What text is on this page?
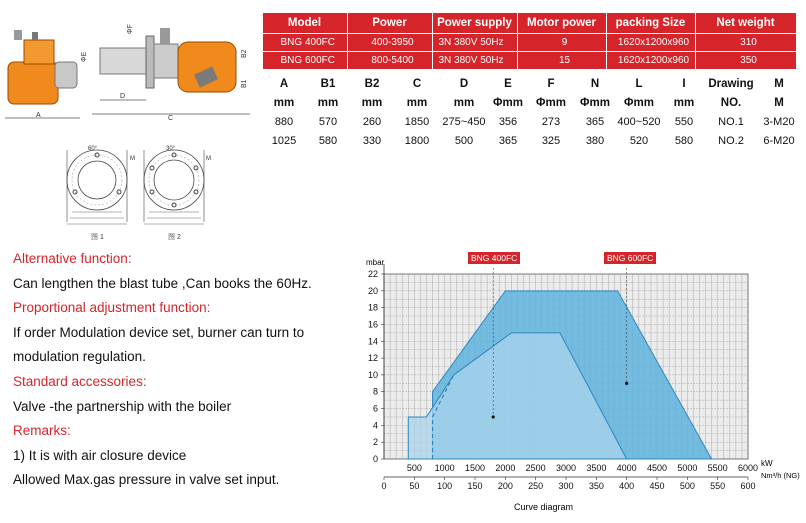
Model	Power	Power supply	Motor power	packing Size	Net weight
BNG 400FC	400-3950	3N 380V 50Hz	9	1620x1200x960	310
BNG 600FC	800-5400	3N 380V 50Hz	15	1620x1200x960	350
A	B1	B2	C	D	E	F	N	L	I	Drawing	M
mm	mm	mm	mm	mm	Φmm	Φmm	Φmm	Φmm	mm	NO.	M
880	570	260	1850	275~450	356	273	365	400~520	550	NO.1	3-M20
1025	580	330	1800	500	365	325	380	520	580	NO.2	6-M20
A
ΦE
ΦF
B2
B1
D
C
60°
M
图 1
30°
M
图 2
Alternative function:
Can lengthen the blast tube ,Can books the 60Hz.
Proportional adjustment function:
If order Modulation device set, burner can turn to
modulation regulation.
Standard accessories:
Valve -the partnership with the boiler
Remarks:
1) It is with air closure device
Allowed Max.gas pressure in valve set input.
0
2
4
6
8
10
12
14
16
18
20
22
500 1000 1500 2000 2500 3000 3500 4000 4500 5000 5500 6000
0	50 100 150 200 250 300 350 400 450 500 550 600
mbar
kW
Nm³/h (NG)
Curve diagram
BNG 400FC	BNG 600FC
